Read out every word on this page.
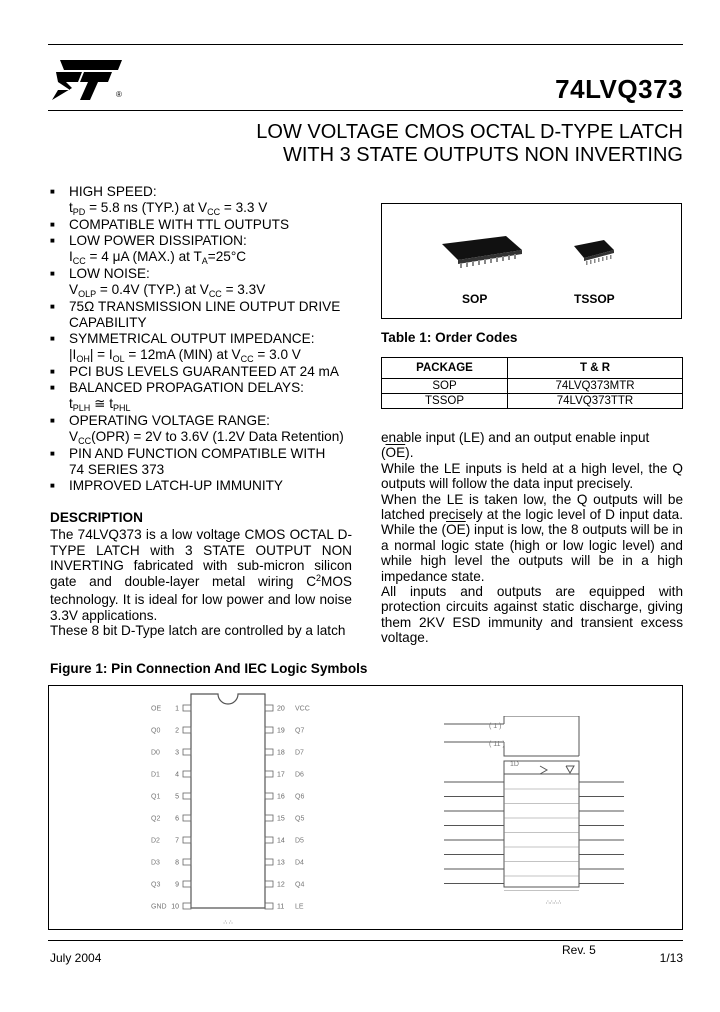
®	74LVQ373
LOW VOLTAGE CMOS OCTAL D-TYPE LATCH
WITH 3 STATE OUTPUTS NON INVERTING
■ HIGH SPEED:
$t_{PD} = 5.8$ ns (TYP.) at $V_{CC} = 3.3$ V
■ COMPATIBLE WITH TTL OUTPUTS
■ LOW POWER DISSIPATION:
$I_{CC} = 4$ μA (MAX.) at $T_A=25^\circ C$
■ LOW NOISE:
$V_{OLP} = 0.4V$ (TYP.) at $V_{CC} = 3.3V$
■ 75Ω TRANSMISSION LINE OUTPUT DRIVE CAPABILITY
■ SYMMETRICAL OUTPUT IMPEDANCE:
$|I_{OH}| = I_{OL} = 12mA$ (MIN) at $V_{CC} = 3.0$ V
■ PCI BUS LEVELS GUARANTEED AT 24 mA
■ BALANCED PROPAGATION DELAYS:
$t_{PLH}$ ≅ $t_{PHL}$
■ OPERATING VOLTAGE RANGE:
$V_{CC}(OPR) = 2V$ to 3.6V (1.2V Data Retention)
■ PIN AND FUNCTION COMPATIBLE WITH
74 SERIES 373
■ IMPROVED LATCH-UP IMMUNITY
DESCRIPTION
The 74LVQ373 is a low voltage CMOS OCTAL D-TYPE LATCH with 3 STATE OUTPUT NON INVERTING fabricated with sub-micron silicon gate and double-layer metal wiring $C^2MOS$ technology. It is ideal for low power and low noise 3.3V applications.
These 8 bit D-Type latch are controlled by a latch
enable input (LE) and an output enable input $(\overline{OE})$.
While the LE inputs is held at a high level, the Q outputs will follow the data input precisely.
When the LE is taken low, the Q outputs will be latched precisely at the logic level of D input data. While the $(\overline{OE})$ input is low, the 8 outputs will be in a normal logic state (high or low logic level) and while high level the outputs will be in a high impedance state.
All inputs and outputs are equipped with protection circuits against static discharge, giving them 2KV ESD immunity and transient excess voltage.
SOP	TSSOP
Table 1: Order Codes
PACKAGE	T & R
SOP	74LVQ373MTR
TSSOP	74LVQ373TTR
Figure 1: Pin Connection And IEC Logic Symbols
1
OE
2
Q0
3
D0
4
D1
5
Q1
6
Q2
7
D2
8
D3
9
Q3
10
GND
20 VCC
19 Q7
18 D7
17 D6
16 Q6
15 Q5
14 D5
13 D4
12 Q4
11 LE
∴ ∴
( 1 )
( 11 )
1D
∴∴∴∴
Rev. 5
July 2004	1/13
